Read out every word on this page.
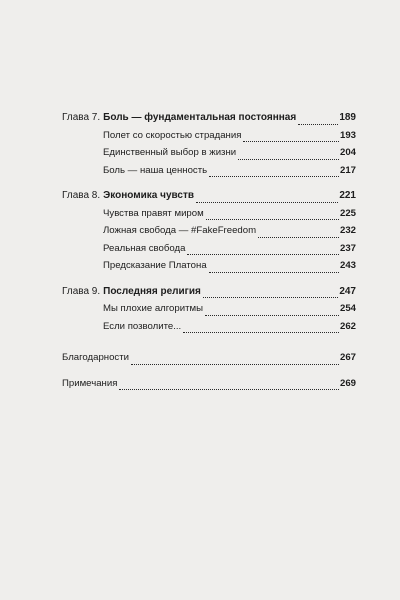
Глава 7. Боль — фундаментальная постоянная	189
Полет со скоростью страдания	193
Единственный выбор в жизни	204
Боль — наша ценность	217
Глава 8. Экономика чувств	221
Чувства правят миром	225
Ложная свобода — #FakeFreedom	232
Реальная свобода	237
Предсказание Платона	243
Глава 9. Последняя религия	247
Мы плохие алгоритмы	254
Если позволите...	262
Благодарности	267
Примечания	269
